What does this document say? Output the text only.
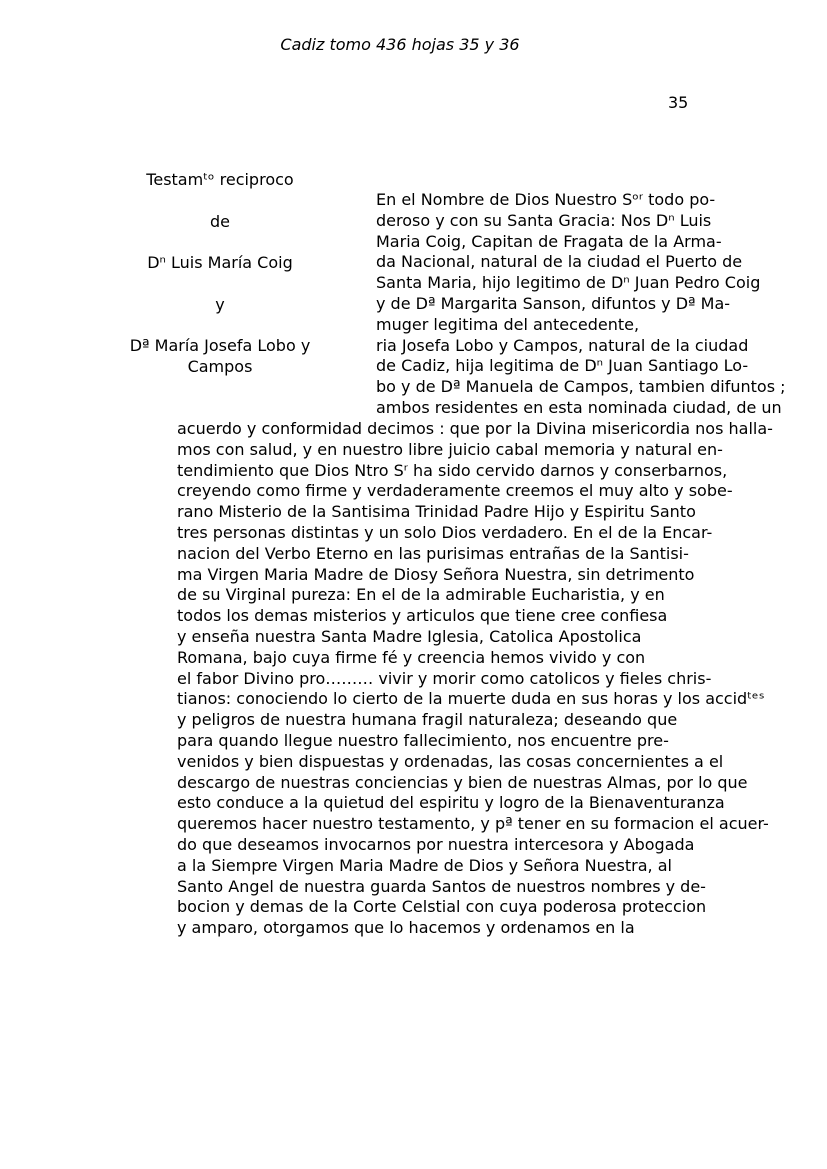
Cadiz tomo 436 hojas 35 y 36
35
Testamᵗᵒ reciproco
de
Dⁿ Luis María Coig
y
Dª María Josefa Lobo y
Campos
En el Nombre de Dios Nuestro Sᵒʳ todo po-
deroso y con su Santa Gracia: Nos Dⁿ Luis
Maria Coig, Capitan de Fragata de la Arma-
da Nacional, natural de la ciudad el Puerto de
Santa Maria, hijo legitimo de Dⁿ Juan Pedro Coig
y de Dª Margarita Sanson, difuntos y Dª Ma-
muger legitima del antecedente,
ria Josefa Lobo y Campos, natural de la ciudad
de Cadiz, hija legitima de Dⁿ Juan Santiago Lo-
bo y de Dª Manuela de Campos, tambien difuntos ;
ambos residentes en esta nominada ciudad, de un
acuerdo y conformidad decimos : que por la Divina misericordia nos halla-
mos con salud, y en nuestro libre juicio cabal memoria y natural en-
tendimiento que Dios Ntro Sʳ ha sido cervido darnos y conserbarnos,
creyendo como firme y verdaderamente creemos el muy alto y sobe-
rano Misterio de la Santisima Trinidad Padre Hijo y Espiritu Santo
tres personas distintas y un solo Dios verdadero. En el de la Encar-
nacion del Verbo Eterno en las purisimas entrañas de la Santisi-
ma Virgen Maria Madre de Diosy Señora Nuestra, sin detrimento
de su Virginal pureza: En el de la admirable Eucharistia, y en
todos los demas misterios y articulos que tiene cree confiesa
y enseña nuestra Santa Madre Iglesia, Catolica Apostolica
Romana, bajo cuya firme fé y creencia hemos vivido y con
el fabor Divino pro……… vivir y morir como catolicos y fieles chris-
tianos: conociendo lo cierto de la muerte duda en sus horas y los accidᵗᵉˢ
y peligros de nuestra humana fragil naturaleza; deseando que
para quando llegue nuestro fallecimiento, nos encuentre pre-
venidos y bien dispuestas y ordenadas, las cosas concernientes a el
descargo de nuestras conciencias y bien de nuestras Almas, por lo que
esto conduce a la quietud del espiritu y logro de la Bienaventuranza
queremos hacer nuestro testamento, y pª tener en su formacion el acuer-
do que deseamos invocarnos por nuestra intercesora y Abogada
a la Siempre Virgen Maria Madre de Dios y Señora Nuestra, al
Santo Angel de nuestra guarda Santos de nuestros nombres y de-
bocion y demas de la Corte Celstial con cuya poderosa proteccion
y amparo, otorgamos que lo hacemos y ordenamos en la
